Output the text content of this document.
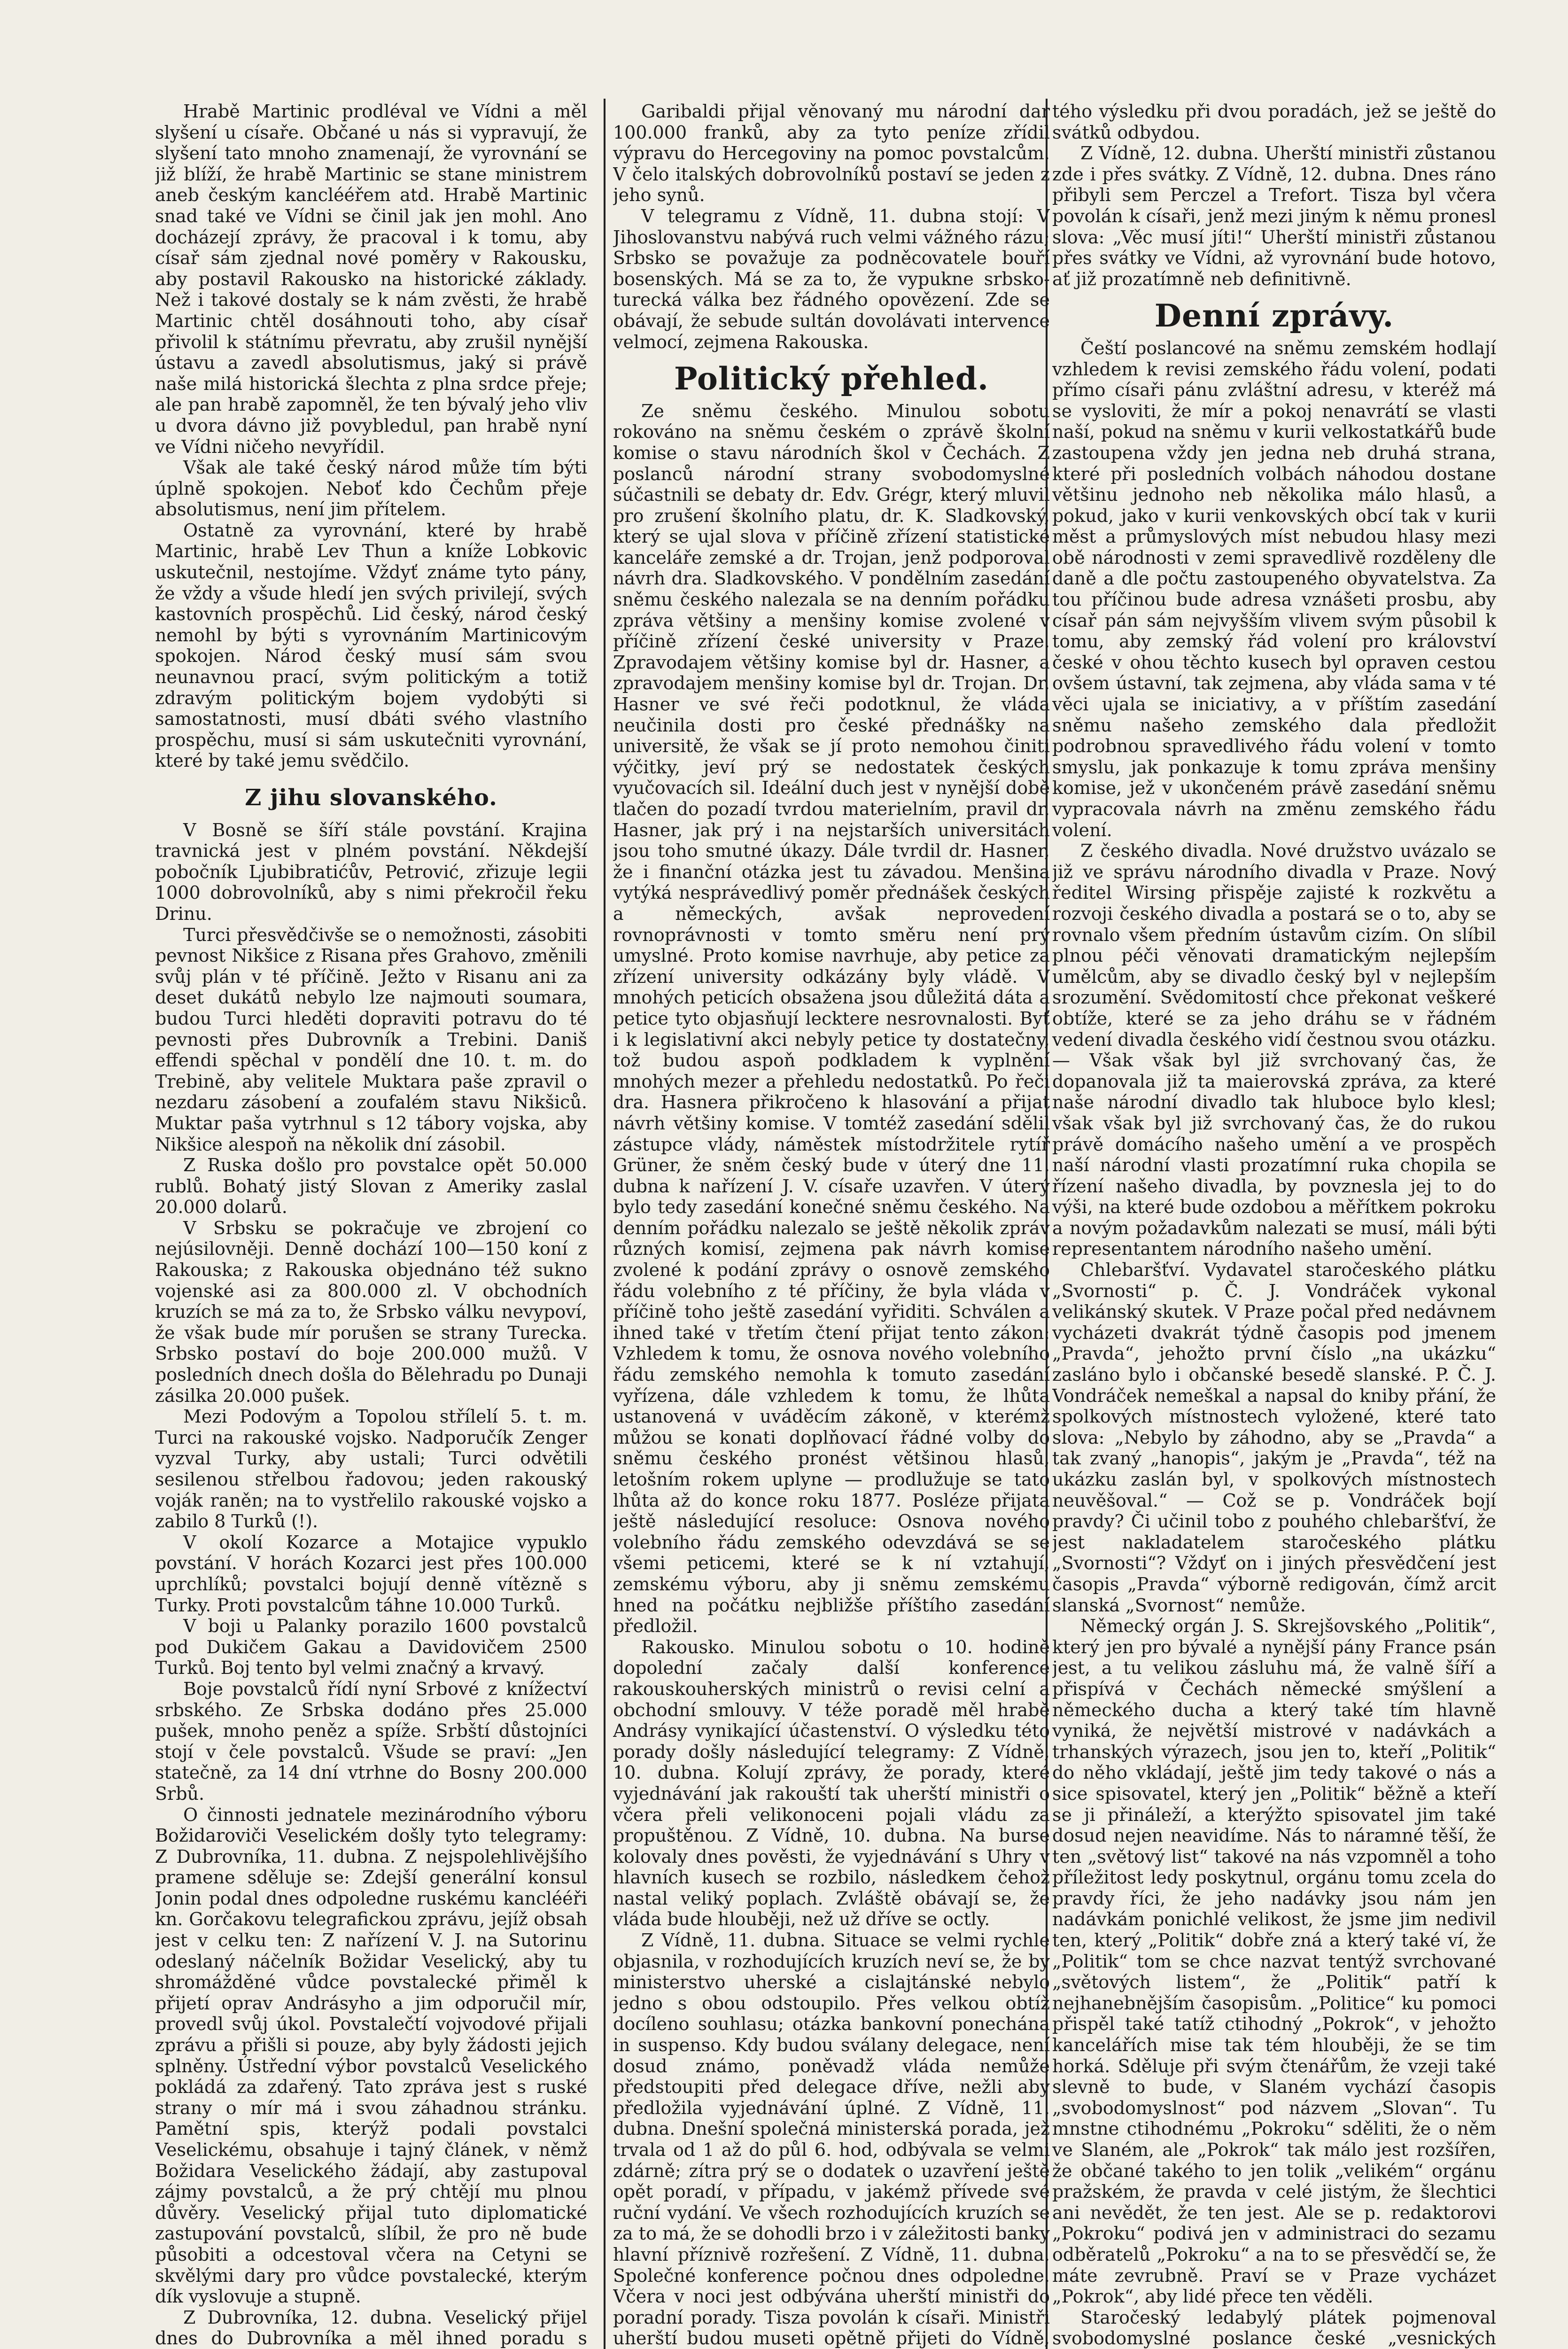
Hrabě Martinic prodléval ve Vídni a měl slyšení u císaře. Občané u nás si vypravují, že slyšení tato mnoho znamenají, že vyrovnání se již blíží, že hrabě Martinic se stane ministrem aneb českým kanclééřem atd. Hrabě Martinic snad také ve Vídni se činil jak jen mohl. Ano docházejí zprávy, že pracoval i k tomu, aby císař sám zjednal nové poměry v Rakousku, aby postavil Rakousko na historické základy. Než i takové dostaly se k nám zvěsti, že hrabě Martinic chtěl dosáhnouti toho, aby císař přivolil k státnímu převratu, aby zrušil nynější ústavu a zavedl absolutismus, jaký si právě naše milá historická šlechta z plna srdce přeje; ale pan hrabě zapomněl, že ten bývalý jeho vliv u dvora dávno již povybledul, pan hrabě nyní ve Vídni ničeho nevyřídil.

Však ale také český národ může tím býti úplně spokojen. Neboť kdo Čechům přeje absolutismus, není jim přítelem.

Ostatně za vyrovnání, které by hrabě Martinic, hrabě Lev Thun a kníže Lobkovic uskutečnil, nestojíme. Vždyť známe tyto pány, že vždy a všude hledí jen svých privilejí, svých kastovních prospěchů. Lid český, národ český nemohl by býti s vyrovnáním Martinicovým spokojen. Národ český musí sám svou neunavnou prací, svým politickým a totiž zdravým politickým bojem vydobýti si samostatnosti, musí dbáti svého vlastního prospěchu, musí si sám uskutečniti vyrovnání, které by také jemu svědčilo.

Z jihu slovanského.

V Bosně se šíří stále povstání. Krajina travnická jest v plném povstání. Někdejší pobočník Ljubibratićův, Petrović, zřizuje legii 1000 dobrovolníků, aby s nimi překročil řeku Drinu.

Turci přesvědčivše se o nemožnosti, zásobiti pevnost Nikšice z Risana přes Grahovo, změnili svůj plán v té příčině. Ježto v Risanu ani za deset dukátů nebylo lze najmouti soumara, budou Turci hleděti dopraviti potravu do té pevnosti přes Dubrovník a Trebini. Daniš effendi spěchal v pondělí dne 10. t. m. do Trebině, aby velitele Muktara paše zpravil o nezdaru zásobení a zoufalém stavu Nikšiců. Muktar paša vytrhnul s 12 tábory vojska, aby Nikšice alespoň na několik dní zásobil.

Z Ruska došlo pro povstalce opět 50.000 rublů. Bohatý jistý Slovan z Ameriky zaslal 20.000 dolarů.

V Srbsku se pokračuje ve zbrojení co nejúsilovněji. Denně dochází 100—150 koní z Rakouska; z Rakouska objednáno též sukno vojenské asi za 800.000 zl. V obchodních kruzích se má za to, že Srbsko válku nevypoví, že však bude mír porušen se strany Turecka. Srbsko postaví do boje 200.000 mužů. V posledních dnech došla do Bělehradu po Dunaji zásilka 20.000 pušek.

Mezi Podovým a Topolou střílelí 5. t. m. Turci na rakouské vojsko. Nadporučík Zenger vyzval Turky, aby ustali; Turci odvětili sesilenou střelbou řadovou; jeden rakouský voják raněn; na to vystřelilo rakouské vojsko a zabilo 8 Turků (!).

V okolí Kozarce a Motajice vypuklo povstání. V horách Kozarci jest přes 100.000 uprchlíků; povstalci bojují denně vítězně s Turky. Proti povstalcům táhne 10.000 Turků.

V boji u Palanky porazilo 1600 povstalců pod Dukičem Gakau a Davidovičem 2500 Turků. Boj tento byl velmi značný a krvavý.

Boje povstalců řídí nyní Srbové z knížectví srbského. Ze Srbska dodáno přes 25.000 pušek, mnoho peněz a spíže. Srbští důstojníci stojí v čele povstalců. Všude se praví: „Jen statečně, za 14 dní vtrhne do Bosny 200.000 Srbů.

O činnosti jednatele mezinárodního výboru Božidaroviči Veselickém došly tyto telegramy: Z Dubrovníka, 11. dubna. Z nejspolehlivějšího pramene sděluje se: Zdejší generální konsul Jonin podal dnes odpoledne ruskému kanclééři kn. Gorčakovu telegrafickou zprávu, jejíž obsah jest v celku ten: Z nařízení V. J. na Sutorinu odeslaný náčelník Božidar Veselický, aby tu shromážděné vůdce povstalecké přiměl k přijetí oprav Andrásyho a jim odporučil mír, provedl svůj úkol. Povstalečtí vojvodové přijali zprávu a přišli si pouze, aby byly žádosti jejich splněny. Ústřední výbor povstalců Veselického pokládá za zdařený. Tato zpráva jest s ruské strany o mír má i svou záhadnou stránku. Pamětní spis, kterýž podali povstalci Veselickému, obsahuje i tajný článek, v němž Božidara Veselického žádají, aby zastupoval zájmy povstalců, a že prý chtějí mu plnou důvěry. Veselický přijal tuto diplomatické zastupování povstalců, slíbil, že pro ně bude působiti a odcestoval včera na Cetyni se skvělými dary pro vůdce povstalecké, kterým dík vyslovuje a stupně.

Z Dubrovníka, 12. dubna. Veselický přijel dnes do Dubrovníka a měl ihned poradu s

Garibaldi přijal věnovaný mu národní dar 100.000 franků, aby za tyto peníze zřídil výpravu do Hercegoviny na pomoc povstalcům. V čelo italských dobrovolníků postaví se jeden z jeho synů.

V telegramu z Vídně, 11. dubna stojí: V Jihoslovanstvu nabývá ruch velmi vážného rázu; Srbsko se považuje za podněcovatele bouří bosenských. Má se za to, že vypukne srbsko-turecká válka bez řádného opovězení. Zde se obávají, že sebude sultán dovolávati intervence velmocí, zejmena Rakouska.

Politický přehled.

Ze sněmu českého. Minulou sobotu rokováno na sněmu českém o zprávě školní komise o stavu národních škol v Čechách. Z poslanců národní strany svobodomyslné súčastnili se debaty dr. Edv. Grégr, který mluvil pro zrušení školního platu, dr. K. Sladkovský, který se ujal slova v příčině zřízení statistické kanceláře zemské a dr. Trojan, jenž podporoval návrh dra. Sladkovského. V pondělním zasedání sněmu českého nalezala se na denním pořádku zpráva většiny a menšiny komise zvolené v příčině zřízení české university v Praze. Zpravodajem většiny komise byl dr. Hasner, a zpravodajem menšiny komise byl dr. Trojan. Dr. Hasner ve své řeči podotknul, že vláda neučinila dosti pro české přednášky na universitě, že však se jí proto nemohou činiti výčitky, jeví prý se nedostatek českých vyučovacích sil. Ideální duch jest v nynější době tlačen do pozadí tvrdou materielním, pravil dr. Hasner, jak prý i na nejstarších universitách jsou toho smutné úkazy. Dále tvrdil dr. Hasner, že i finanční otázka jest tu závadou. Menšina vytýká nesprávedlivý poměr přednášek českých a německých, avšak neprovedení rovnoprávnosti v tomto směru není prý umyslné. Proto komise navrhuje, aby petice za zřízení university odkázány byly vládě. V mnohých peticích obsažena jsou důležitá dáta a petice tyto objasňují lecktere nesrovnalosti. Byť i k legislativní akci nebyly petice ty dostatečny, tož budou aspoň podkladem k vyplnění mnohých mezer a přehledu nedostatků. Po řeči dra. Hasnera přikročeno k hlasování a přijat návrh většiny komise. V tomtéž zasedání sdělil zástupce vlády, náměstek místodržitele rytíř Grüner, že sněm český bude v úterý dne 11. dubna k nařízení J. V. císaře uzavřen. V úterý bylo tedy zasedání konečné sněmu českého. Na denním pořádku nalezalo se ještě několik zpráv různých komisí, zejmena pak návrh komise zvolené k podání zprávy o osnově zemského řádu volebního z té příčiny, že byla vláda v příčině toho ještě zasedání vyřiditi. Schválen a ihned také v třetím čtení přijat tento zákon: Vzhledem k tomu, že osnova nového volebního řádu zemského nemohla k tomuto zasedání vyřízena, dále vzhledem k tomu, že lhůta ustanovená v uváděcím zákoně, v kterémž můžou se konati doplňovací řádné volby do sněmu českého pronést většinou hlasů, letošním rokem uplyne — prodlužuje se tato lhůta až do konce roku 1877. Posléze přijata ještě následující resoluce: Osnova nového volebního řádu zemského odevzdává se se všemi peticemi, které se k ní vztahují, zemskému výboru, aby ji sněmu zemskému hned na počátku nejbližše příštího zasedání předložil.

Rakousko. Minulou sobotu o 10. hodině dopolední začaly další konference rakouskouherských ministrů o revisi celní a obchodní smlouvy. V téže poradě měl hrabě Andrásy vynikající účastenství. O výsledku této porady došly následující telegramy: Z Vídně, 10. dubna. Kolují zprávy, že porady, které vyjednávání jak rakouští tak uherští ministři o včera přeli velikonoceni pojali vládu za propuštěnou. Z Vídně, 10. dubna. Na burse kolovaly dnes pověsti, že vyjednávání s Uhry v hlavních kusech se rozbilo, následkem čehož nastal veliký poplach. Zvláště obávají se, že vláda bude hlouběji, než už dříve se octly.

Z Vídně, 11. dubna. Situace se velmi rychle objasnila, v rozhodujících kruzích neví se, že by ministerstvo uherské a cislajtánské nebylo jedno s obou odstoupilo. Přes velkou obtíž docíleno souhlasu; otázka bankovní ponechána in suspenso. Kdy budou sválany delegace, není dosud známo, poněvadž vláda nemůže předstoupiti před delegace dříve, nežli aby předložila vyjednávání úplné. Z Vídně, 11. dubna. Dnešní společná ministerská porada, jež trvala od 1 až do půl 6. hod, odbývala se velmi zdárně; zítra prý se o dodatek o uzavření ještě opět poradí, v případu, v jakémž přívede své ruční vydání. Ve všech rozhodujících kruzích se za to má, že se dohodli brzo i v záležitosti banky hlavní příznivě rozřešení. Z Vídně, 11. dubna. Společné konference počnou dnes odpoledne. Včera v noci jest odbývána uherští ministři do poradní porady. Tisza povolán k císaři. Ministři uherští budou museti opětně přijeti do Vídně,

tého výsledku při dvou poradách, jež se ještě do svátků odbydou.

Z Vídně, 12. dubna. Uherští ministři zůstanou zde i přes svátky. Z Vídně, 12. dubna. Dnes ráno přibyli sem Perczel a Trefort. Tisza byl včera povolán k císaři, jenž mezi jiným k němu pronesl slova: „Věc musí jíti!“ Uherští ministři zůstanou přes svátky ve Vídni, až vyrovnání bude hotovo, ať již prozatímně neb definitivně.

Denní zprávy.

Čeští poslancové na sněmu zemském hodlají vzhledem k revisi zemského řádu volení, podati přímo císaři pánu zvláštní adresu, v kteréž má se vysloviti, že mír a pokoj nenavrátí se vlasti naší, pokud na sněmu v kurii velkostatkářů bude zastoupena vždy jen jedna neb druhá strana, které při posledních volbách náhodou dostane většinu jednoho neb několika málo hlasů, a pokud, jako v kurii venkovských obcí tak v kurii měst a průmyslových míst nebudou hlasy mezi obě národnosti v zemi spravedlivě rozděleny dle daně a dle počtu zastoupeného obyvatelstva. Za tou příčinou bude adresa vznášeti prosbu, aby císař pán sám nejvyšším vlivem svým působil k tomu, aby zemský řád volení pro království české v ohou těchto kusech byl opraven cestou ovšem ústavní, tak zejmena, aby vláda sama v té věci ujala se iniciativy, a v příštím zasedání sněmu našeho zemského dala předložit podrobnou spravedlivého řádu volení v tomto smyslu, jak ponkazuje k tomu zpráva menšiny komise, jež v ukončeném právě zasedání sněmu vypracovala návrh na změnu zemského řádu volení.

Z českého divadla. Nové družstvo uvázalo se již ve správu národního divadla v Praze. Nový ředitel Wirsing přispěje zajisté k rozkvětu a rozvoji českého divadla a postará se o to, aby se rovnalo všem předním ústavům cizím. On slíbil plnou péči věnovati dramatickým nejlepším umělcům, aby se divadlo český byl v nejlepším srozumění. Svědomitostí chce překonat veškeré obtíže, které se za jeho dráhu se v řádném vedení divadla českého vidí čestnou svou otázku. — Však však byl již svrchovaný čas, že dopanovala již ta maierovská zpráva, za které naše národní divadlo tak hluboce bylo klesl; však však byl již svrchovaný čas, že do rukou právě domácího našeho umění a ve prospěch naší národní vlasti prozatímní ruka chopila se řízení našeho divadla, by povznesla jej to do výši, na které bude ozdobou a měřítkem pokroku a novým požadavkům nalezati se musí, máli býti representantem národního našeho umění.

Chlebaršťví. Vydavatel staročeského plátku „Svornosti“ p. Č. J. Vondráček vykonal velikánský skutek. V Praze počal před nedávnem vycházeti dvakrát týdně časopis pod jmenem „Pravda“, jehožto první číslo „na ukázku“ zasláno bylo i občanské besedě slanské. P. Č. J. Vondráček nemeškal a napsal do kniby přání, že spolkových místnostech vyložené, které tato slova: „Nebylo by záhodno, aby se „Pravda“ a tak zvaný „hanopis“, jakým je „Pravda“, též na ukázku zaslán byl, v spolkových místnostech neuvěšoval.“ — Což se p. Vondráček bojí pravdy? Či učinil tobo z pouhého chlebaršťví, že jest nakladatelem staročeského plátku „Svornosti“? Vždyť on i jiných přesvědčení jest časopis „Pravda“ výborně redigován, čímž arcit slanská „Svornost“ nemůže.

Německý orgán J. S. Skrejšovského „Politik“, který jen pro bývalé a nynější pány France psán jest, a tu velikou zásluhu má, že valně šíří a přispívá v Čechách německé smýšlení a německého ducha a který také tím hlavně vyniká, že největší mistrové v nadávkách a trhanských výrazech, jsou jen to, kteří „Politik“ do něho vkládají, ještě jim tedy takové o nás a sice spisovatel, který jen „Politik“ běžně a kteří se ji přináleží, a kterýžto spisovatel jim také dosud nejen neavidíme. Nás to náramné těší, že ten „světový list“ takové na nás vzpomněl a toho příležitost ledy poskytnul, orgánu tomu zcela do pravdy říci, že jeho nadávky jsou nám jen nadávkám ponichlé velikost, že jsme jim nedivil ten, který „Politik“ dobře zná a který také ví, že „Politik“ tom se chce nazvat tentýž svrchované „světových listem“, že „Politik“ patří k nejhanebnějším časopisům. „Politice“ ku pomoci přispěl také tatíž ctihodný „Pokrok“, v jehožto kancelářích mise tak tém hlouběji, že se tim horká. Sděluje při svým čtenářům, že vzeji také slevně to bude, v Slaném vychází časopis „svobodomyslnost“ pod názvem „Slovan“. Tu mnstne ctihodnému „Pokroku“ sděliti, že o něm ve Slaném, ale „Pokrok“ tak málo jest rozšířen, že občané takého to jen tolik „velikém“ orgánu pražském, že pravda v celé jistým, že šlechtici ani nevědět, že ten jest. Ale se p. redaktorovi „Pokroku“ podivá jen v administraci do sezamu odběratelů „Pokroku“ a na to se přesvědčí se, že máte zevrubně. Praví se v Praze vycházet „Pokrok“, aby lidé přece ten věděli.

Staročeský ledabylý plátek pojmenoval svobodomyslné poslance české „vesnických
